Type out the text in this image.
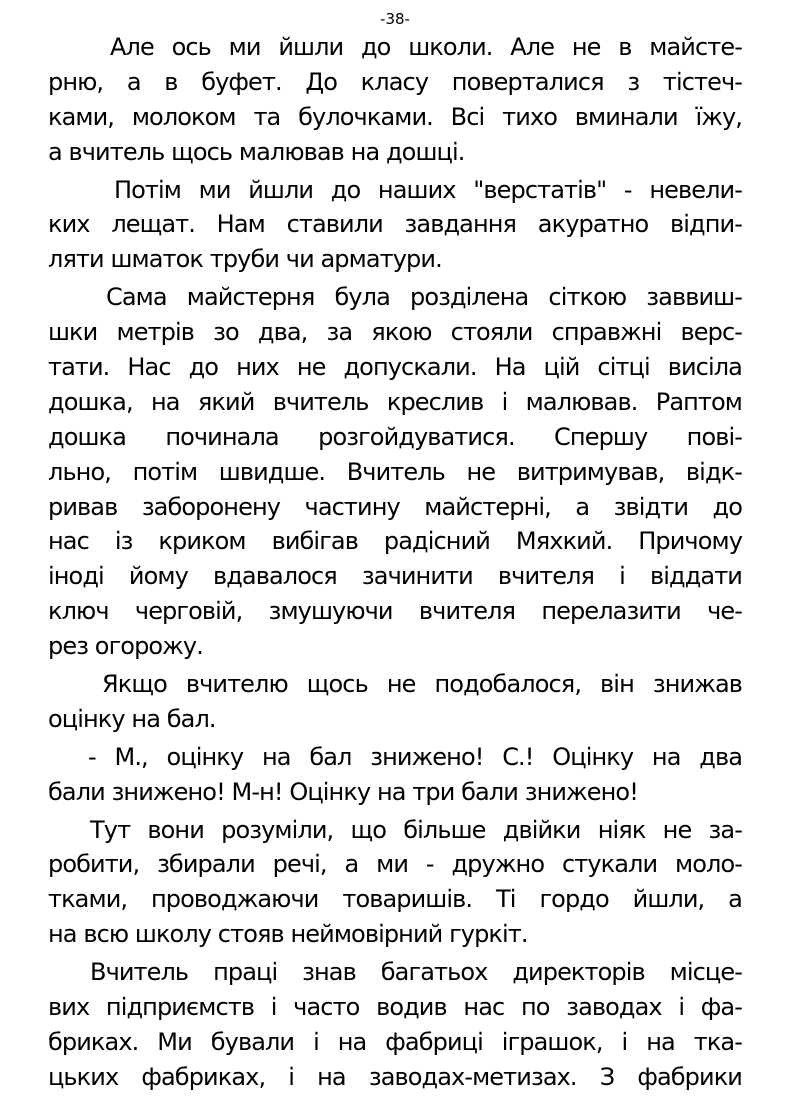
-38-
Але ось ми йшли до школи. Але не в майсте-
рню, а в буфет. До класу поверталися з тістеч-
ками, молоком та булочками. Всі тихо вминали їжу,
а вчитель щось малював на дошці.
Потім ми йшли до наших "верстатів" - невели-
ких лещат. Нам ставили завдання акуратно відпи-
ляти шматок труби чи арматури.
Сама майстерня була розділена сіткою заввиш-
шки метрів зо два, за якою стояли справжні верс-
тати. Нас до них не допускали. На цій сітці висіла
дошка, на який вчитель креслив і малював. Раптом
дошка починала розгойдуватися. Спершу пові-
льно, потім швидше. Вчитель не витримував, відк-
ривав заборонену частину майстерні, а звідти до
нас із криком вибігав радісний Мяхкий. Причому
іноді йому вдавалося зачинити вчителя і віддати
ключ черговій, змушуючи вчителя перелазити че-
рез огорожу.
Якщо вчителю щось не подобалося, він знижав
оцінку на бал.
- М., оцінку на бал знижено! С.! Оцінку на два
бали знижено! М-н! Оцінку на три бали знижено!
Тут вони розуміли, що більше двійки ніяк не за-
робити, збирали речі, а ми - дружно стукали моло-
тками, проводжаючи товаришів. Ті гордо йшли, а
на всю школу стояв неймовірний гуркіт.
Вчитель праці знав багатьох директорів місце-
вих підприємств і часто водив нас по заводах і фа-
бриках. Ми бували і на фабриці іграшок, і на тка-
цьких фабриках, і на заводах-метизах. З фабрики
